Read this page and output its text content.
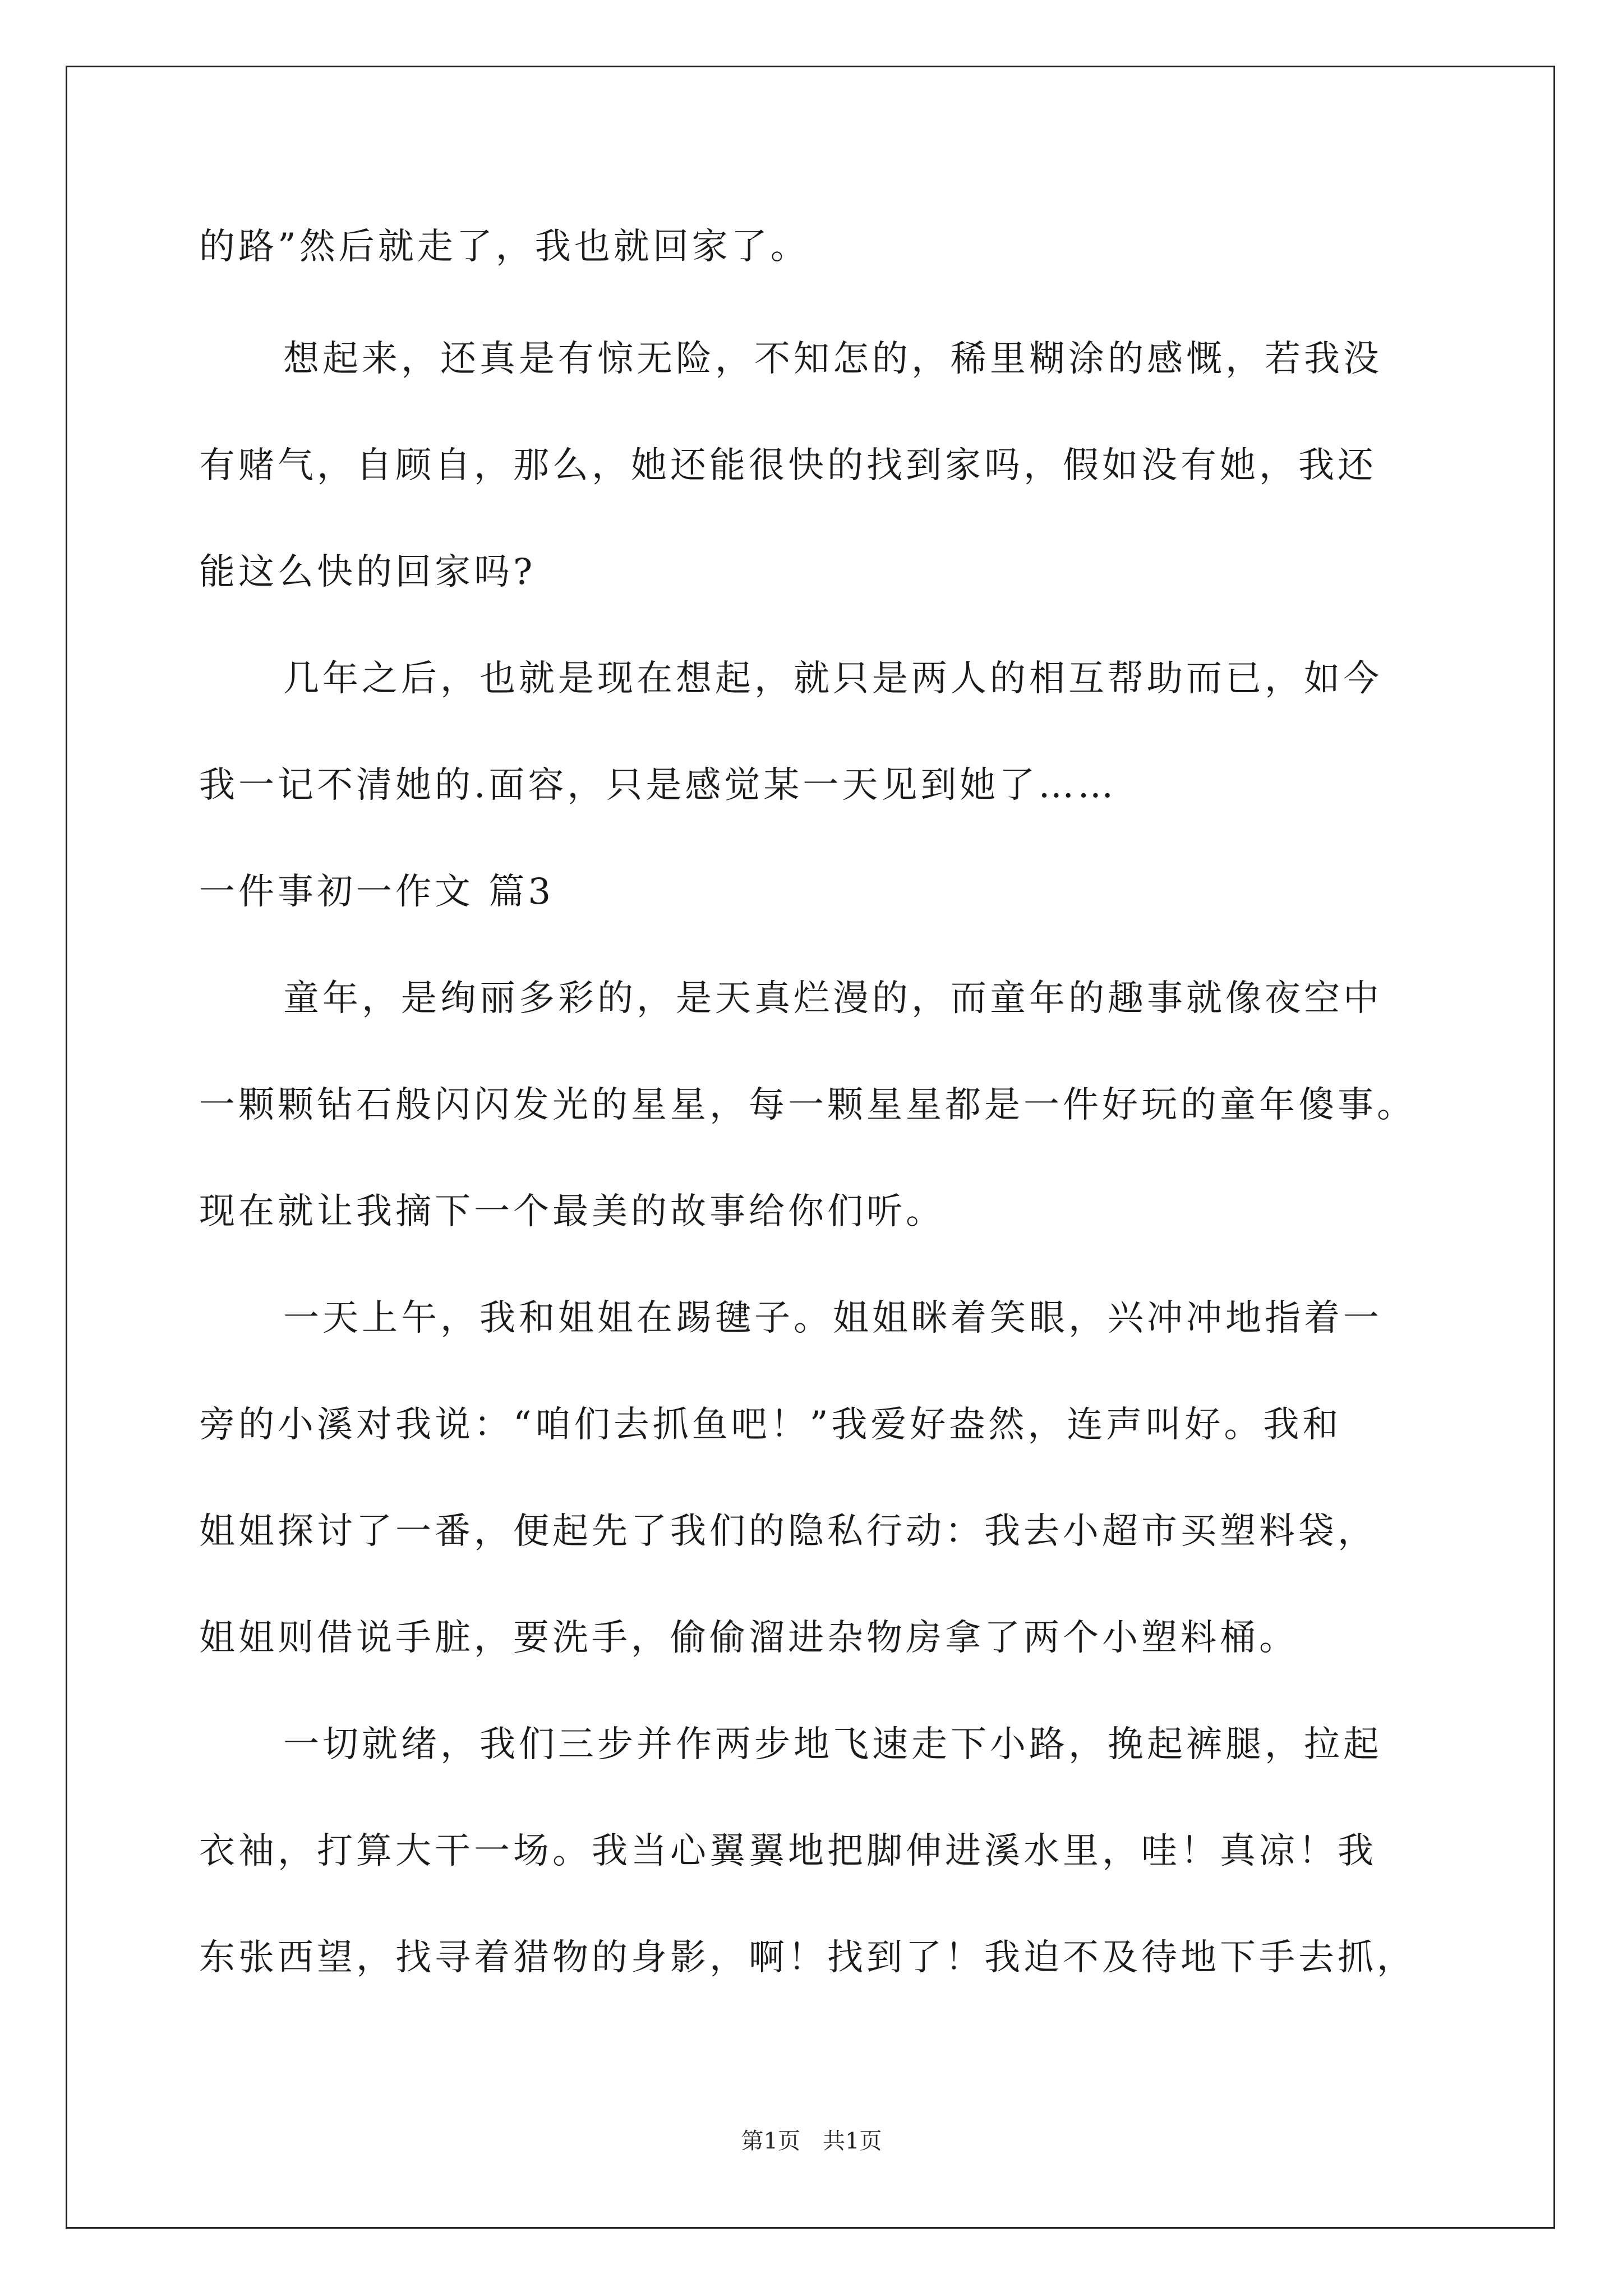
的路”然后就走了，我也就回家了。
想起来，还真是有惊无险，不知怎的，稀里糊涂的感慨，若我没
有赌气，自顾自，那么，她还能很快的找到家吗，假如没有她，我还
能这么快的回家吗?
几年之后，也就是现在想起，就只是两人的相互帮助而已，如今
我一记不清她的.面容，只是感觉某一天见到她了……
一件事初一作文 篇3
童年，是绚丽多彩的，是天真烂漫的，而童年的趣事就像夜空中
一颗颗钻石般闪闪发光的星星，每一颗星星都是一件好玩的童年傻事。
现在就让我摘下一个最美的故事给你们听。
一天上午，我和姐姐在踢毽子。姐姐眯着笑眼，兴冲冲地指着一
旁的小溪对我说：“咱们去抓鱼吧！”我爱好盎然，连声叫好。我和
姐姐探讨了一番，便起先了我们的隐私行动：我去小超市买塑料袋，
姐姐则借说手脏，要洗手，偷偷溜进杂物房拿了两个小塑料桶。
一切就绪，我们三步并作两步地飞速走下小路，挽起裤腿，拉起
衣袖，打算大干一场。我当心翼翼地把脚伸进溪水里，哇！真凉！我
东张西望，找寻着猎物的身影，啊！找到了！我迫不及待地下手去抓，
第1页　共1页
